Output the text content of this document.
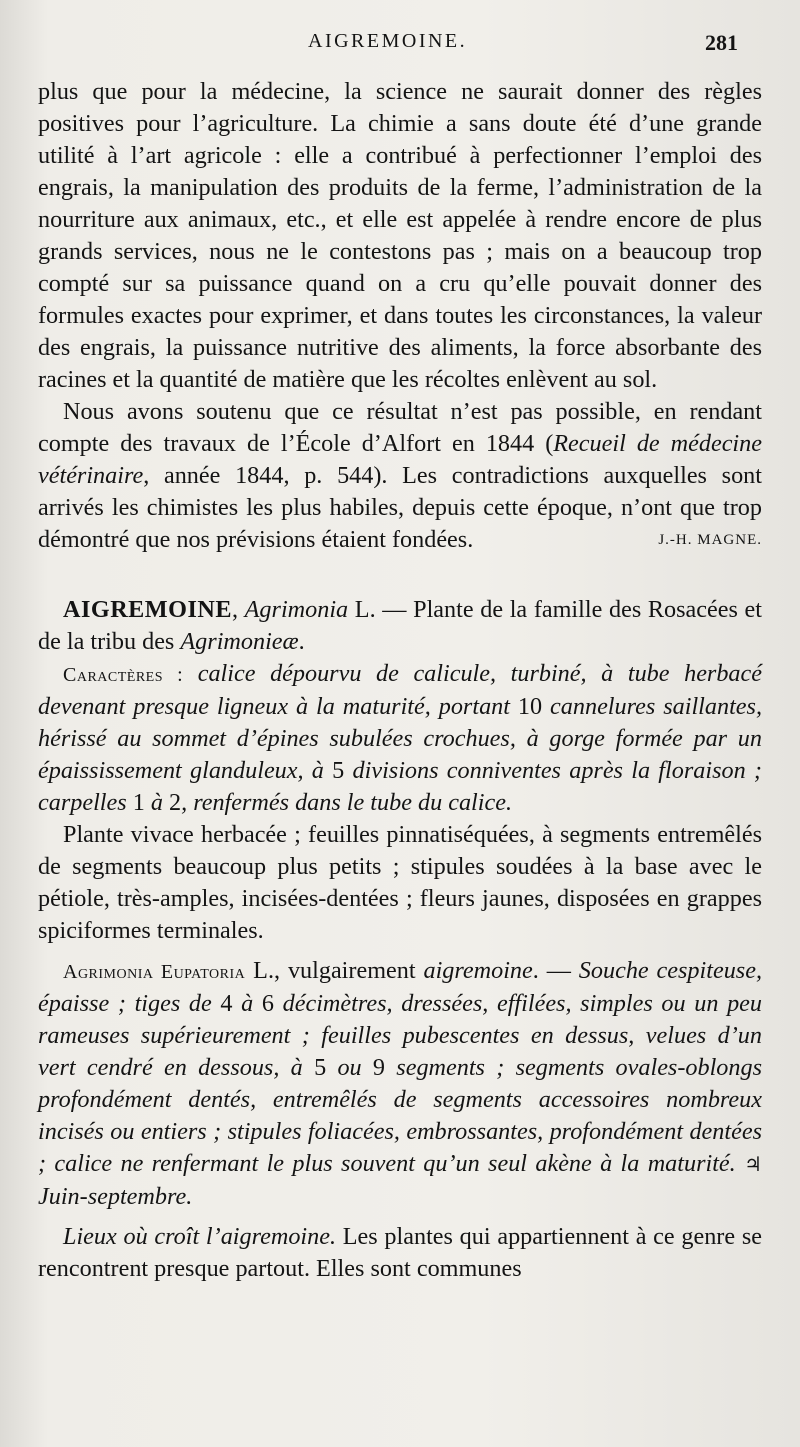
AIGREMOINE.	281

plus que pour la médecine, la science ne saurait donner des règles positives pour l’agriculture. La chimie a sans doute été d’une grande utilité à l’art agricole : elle a contribué à perfectionner l’emploi des engrais, la manipulation des produits de la ferme, l’administration de la nourriture aux animaux, etc., et elle est appelée à rendre encore de plus grands services, nous ne le contestons pas ; mais on a beaucoup trop compté sur sa puissance quand on a cru qu’elle pouvait donner des formules exactes pour exprimer, et dans toutes les circonstances, la valeur des engrais, la puissance nutritive des aliments, la force absorbante des racines et la quantité de matière que les récoltes enlèvent au sol.

Nous avons soutenu que ce résultat n’est pas possible, en rendant compte des travaux de l’École d’Alfort en 1844 (Recueil de médecine vétérinaire, année 1844, p. 544). Les contradictions auxquelles sont arrivés les chimistes les plus habiles, depuis cette époque, n’ont que trop démontré que nos prévisions étaient fondées.	J.-H. MAGNE.

AIGREMOINE, Agrimonia L. — Plante de la famille des Rosacées et de la tribu des Agrimonieæ.

Caractères : calice dépourvu de calicule, turbiné, à tube herbacé devenant presque ligneux à la maturité, portant 10 cannelures saillantes, hérissé au sommet d’épines subulées crochues, à gorge formée par un épaississement glanduleux, à 5 divisions conniventes après la floraison ; carpelles 1 à 2, renfermés dans le tube du calice.

Plante vivace herbacée ; feuilles pinnatiséquées, à segments entremêlés de segments beaucoup plus petits ; stipules soudées à la base avec le pétiole, très-amples, incisées-dentées ; fleurs jaunes, disposées en grappes spiciformes terminales.

Agrimonia Eupatoria L., vulgairement aigremoine. — Souche cespiteuse, épaisse ; tiges de 4 à 6 décimètres, dressées, effilées, simples ou un peu rameuses supérieurement ; feuilles pubescentes en dessus, velues d’un vert cendré en dessous, à 5 ou 9 segments ; segments ovales-oblongs profondément dentés, entremêlés de segments accessoires nombreux incisés ou entiers ; stipules foliacées, embrossantes, profondément dentées ; calice ne renfermant le plus souvent qu’un seul akène à la maturité. ♃ Juin-septembre.

Lieux où croît l’aigremoine. Les plantes qui appartiennent à ce genre se rencontrent presque partout. Elles sont communes
